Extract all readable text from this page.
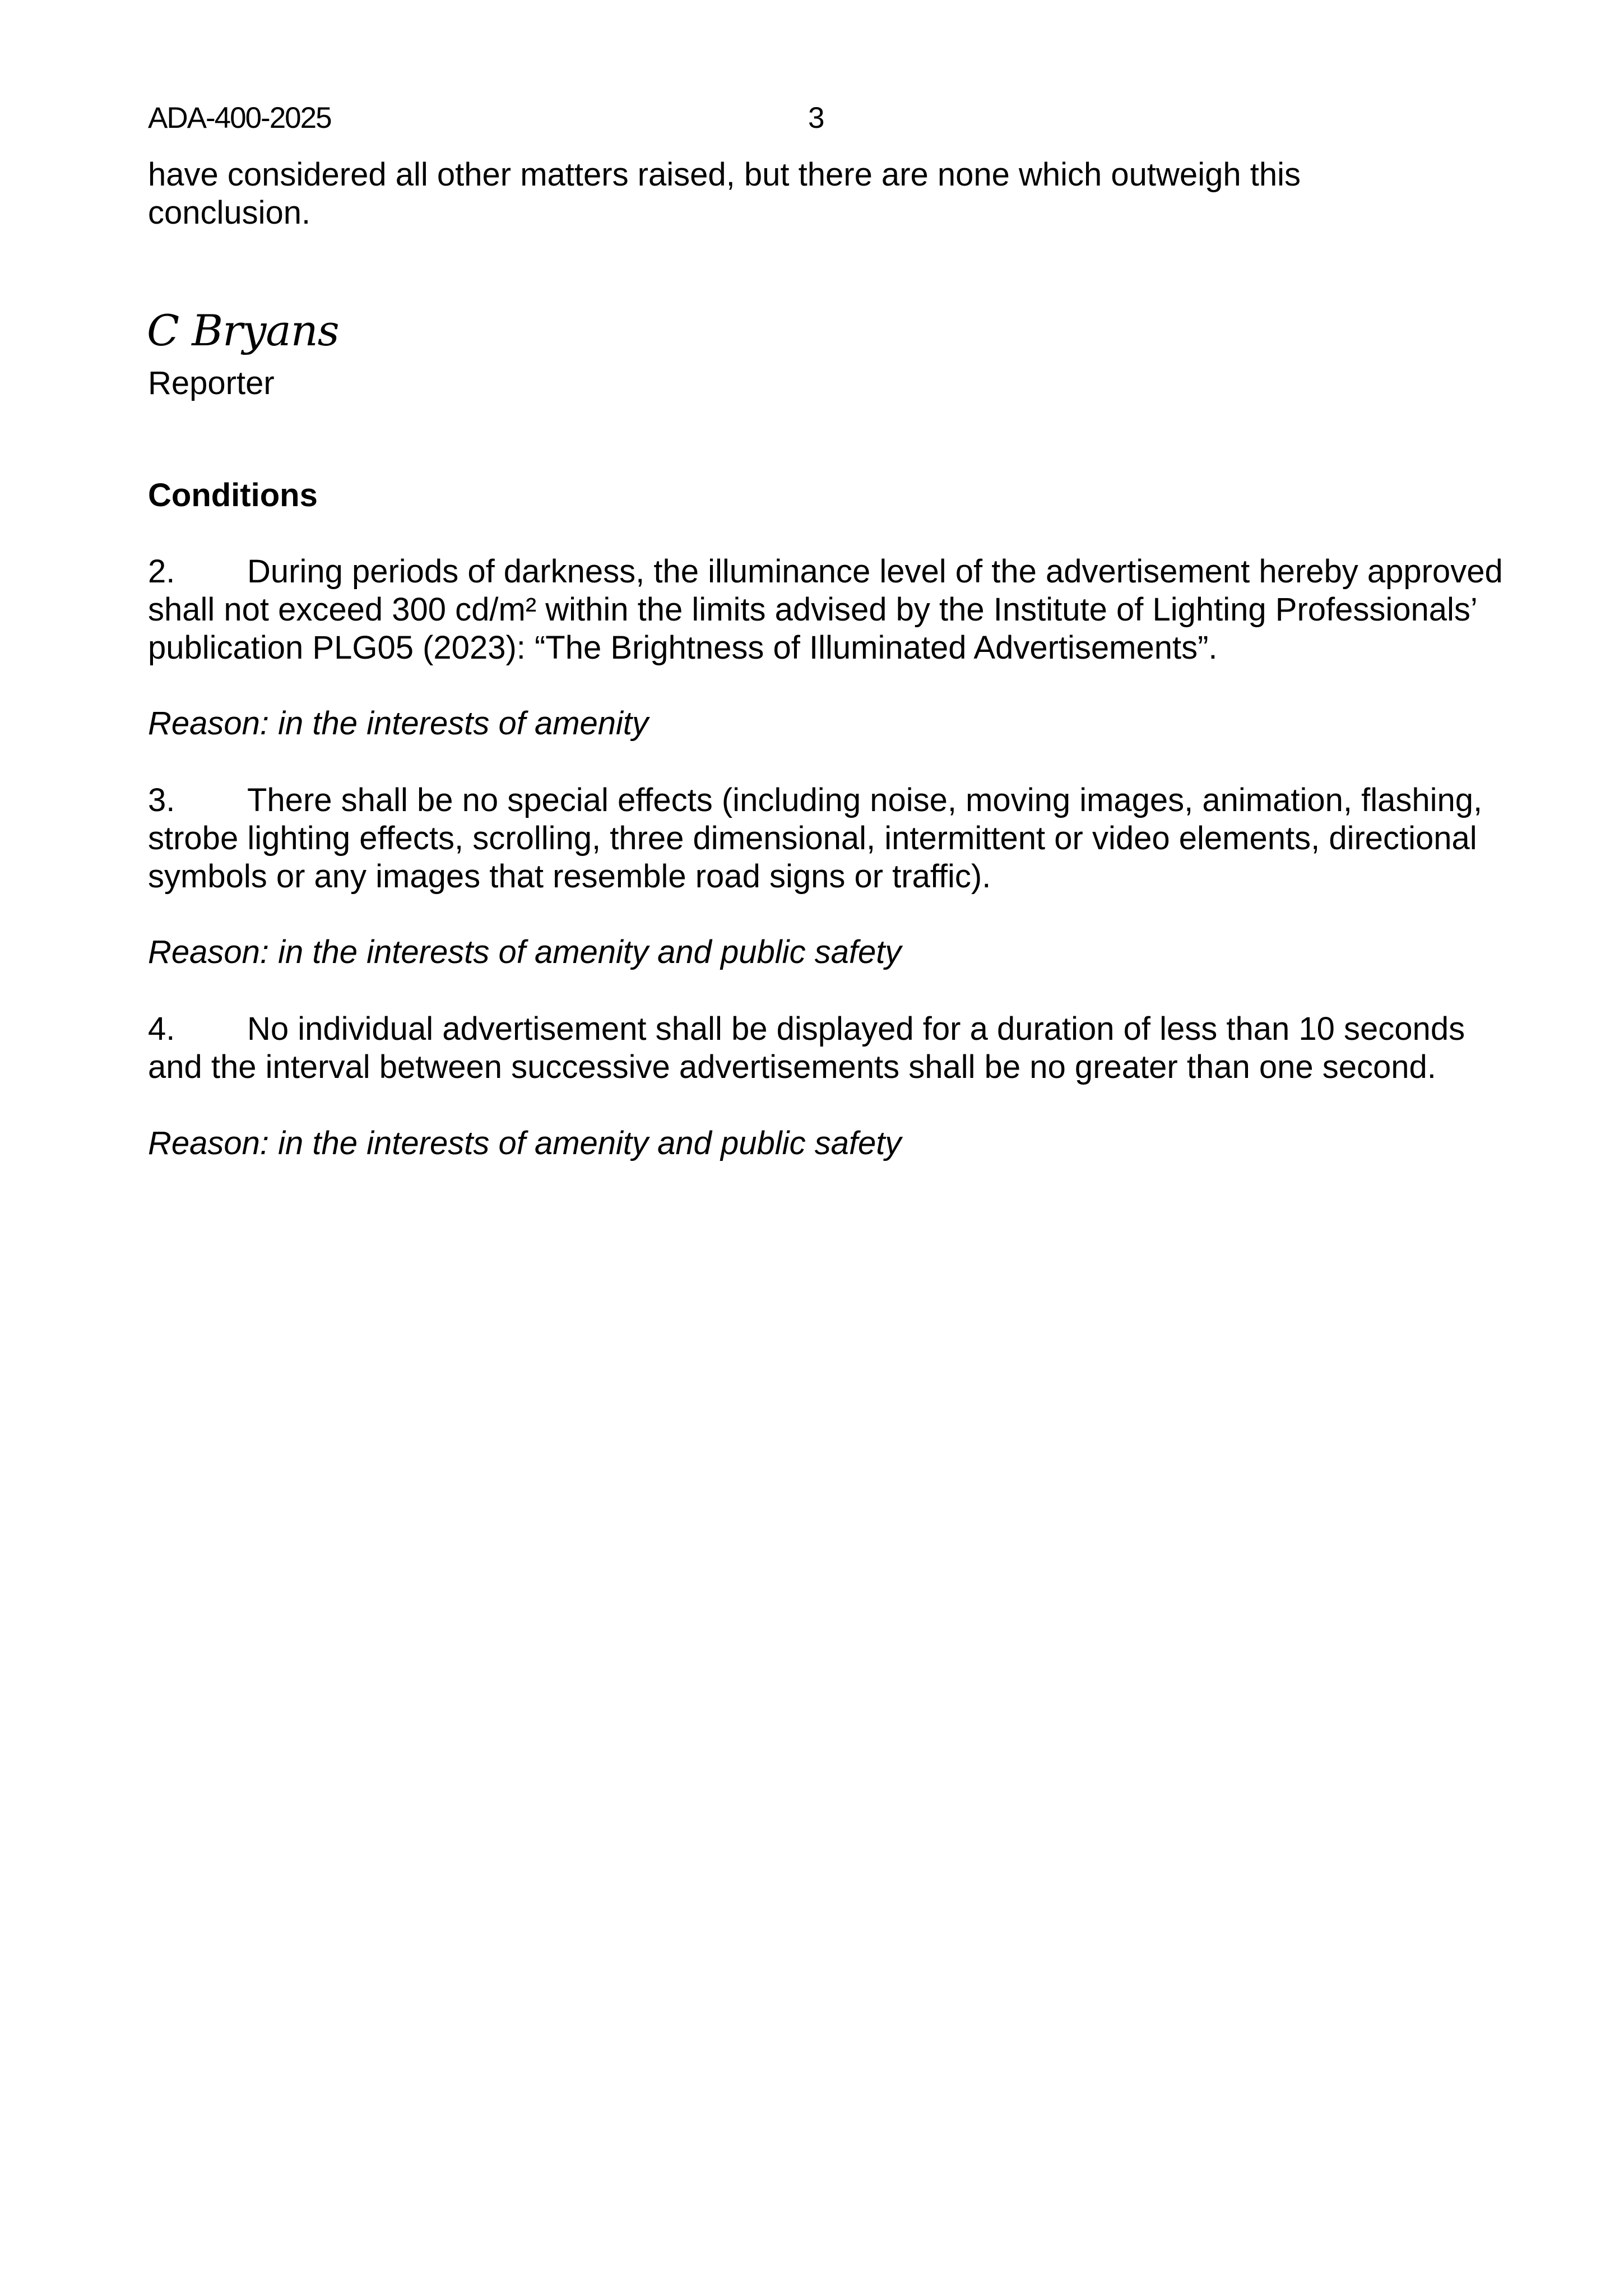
ADA-400-2025	3

have considered all other matters raised, but there are none which outweigh this conclusion.

C Bryans
Reporter
Conditions

2. During periods of darkness, the illuminance level of the advertisement hereby approved shall not exceed 300 cd/m² within the limits advised by the Institute of Lighting Professionals’ publication PLG05 (2023): “The Brightness of Illuminated Advertisements”.

Reason: in the interests of amenity

3. There shall be no special effects (including noise, moving images, animation, flashing, strobe lighting effects, scrolling, three dimensional, intermittent or video elements, directional symbols or any images that resemble road signs or traffic).

Reason: in the interests of amenity and public safety

4. No individual advertisement shall be displayed for a duration of less than 10 seconds and the interval between successive advertisements shall be no greater than one second.

Reason: in the interests of amenity and public safety
